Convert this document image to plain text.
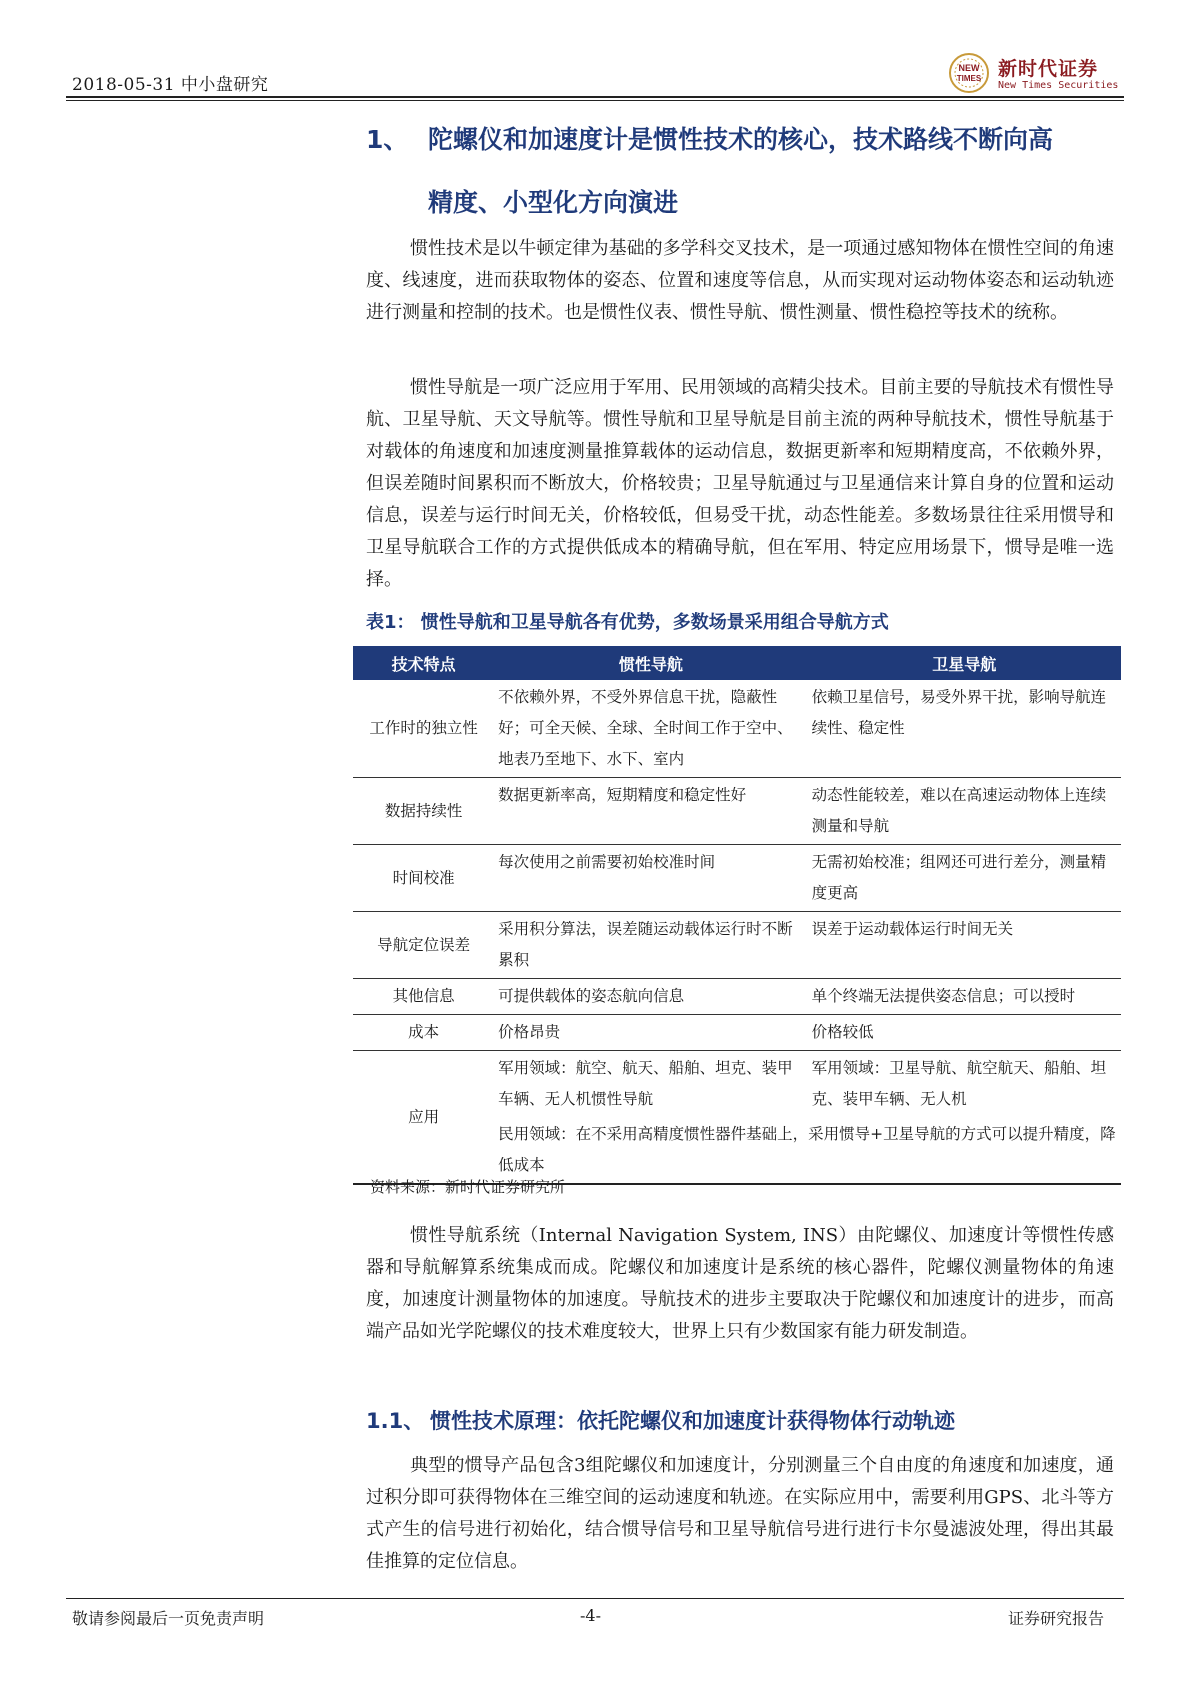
2018-05-31 中小盘研究
NEW
TIMES 新时代证券
New Times Securities
1、 陀螺仪和加速度计是惯性技术的核心，技术路线不断向高
精度、小型化方向演进

惯性技术是以牛顿定律为基础的多学科交叉技术，是一项通过感知物体在惯性空间的角速度、线速度，进而获取物体的姿态、位置和速度等信息，从而实现对运动物体姿态和运动轨迹进行测量和控制的技术。也是惯性仪表、惯性导航、惯性测量、惯性稳控等技术的统称。

惯性导航是一项广泛应用于军用、民用领域的高精尖技术。目前主要的导航技术有惯性导航、卫星导航、天文导航等。惯性导航和卫星导航是目前主流的两种导航技术，惯性导航基于对载体的角速度和加速度测量推算载体的运动信息，数据更新率和短期精度高，不依赖外界，但误差随时间累积而不断放大，价格较贵；卫星导航通过与卫星通信来计算自身的位置和运动信息，误差与运行时间无关，价格较低，但易受干扰，动态性能差。多数场景往往采用惯导和卫星导航联合工作的方式提供低成本的精确导航，但在军用、特定应用场景下，惯导是唯一选择。

表1： 惯性导航和卫星导航各有优势，多数场景采用组合导航方式
技术特点	惯性导航	卫星导航
工作时的独立性	不依赖外界，不受外界信息干扰，隐蔽性好；可全天候、全球、全时间工作于空中、地表乃至地下、水下、室内	依赖卫星信号，易受外界干扰，影响导航连续性、稳定性
数据持续性	数据更新率高，短期精度和稳定性好	动态性能较差，难以在高速运动物体上连续测量和导航
时间校准	每次使用之前需要初始校准时间	无需初始校准；组网还可进行差分，测量精度更高
导航定位误差	采用积分算法，误差随运动载体运行时不断累积	误差于运动载体运行时间无关
其他信息	可提供载体的姿态航向信息	单个终端无法提供姿态信息；可以授时
成本	价格昂贵	价格较低
应用	军用领域：航空、航天、船舶、坦克、装甲车辆、无人机惯性导航	军用领域：卫星导航、航空航天、船舶、坦克、装甲车辆、无人机
	民用领域：在不采用高精度惯性器件基础上，采用惯导+卫星导航的方式可以提升精度，降低成本	
资料来源：新时代证券研究所

惯性导航系统（Internal Navigation System, INS）由陀螺仪、加速度计等惯性传感器和导航解算系统集成而成。陀螺仪和加速度计是系统的核心器件，陀螺仪测量物体的角速度，加速度计测量物体的加速度。导航技术的进步主要取决于陀螺仪和加速度计的进步，而高端产品如光学陀螺仪的技术难度较大，世界上只有少数国家有能力研发制造。

1.1、 惯性技术原理：依托陀螺仪和加速度计获得物体行动轨迹

典型的惯导产品包含3组陀螺仪和加速度计，分别测量三个自由度的角速度和加速度，通过积分即可获得物体在三维空间的运动速度和轨迹。在实际应用中，需要利用GPS、北斗等方式产生的信号进行初始化，结合惯导信号和卫星导航信号进行进行卡尔曼滤波处理，得出其最佳推算的定位信息。

敬请参阅最后一页免责声明	-4-	证券研究报告
